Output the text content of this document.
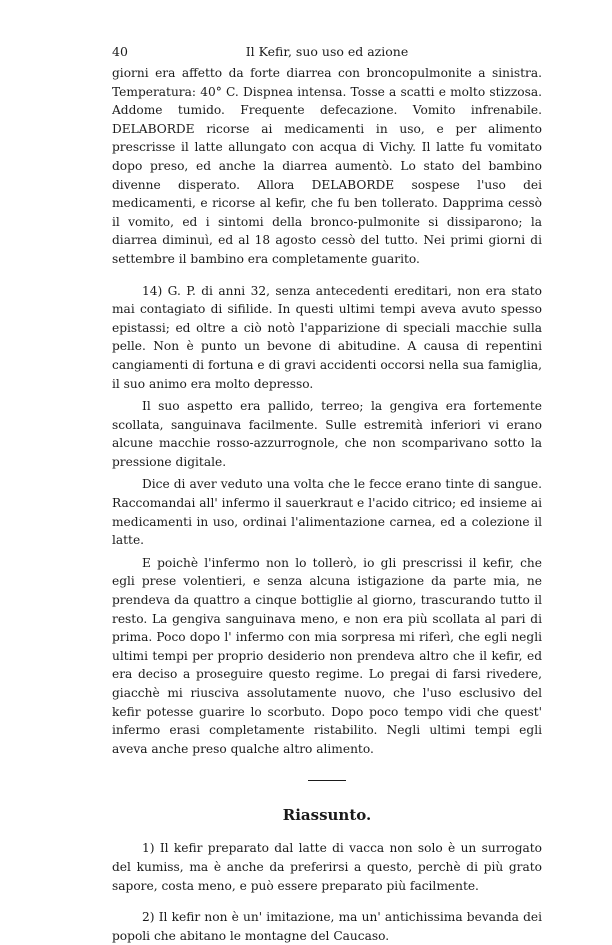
40	Il Kefir, suo uso ed azione

giorni era affetto da forte diarrea con broncopulmonite a sinistra. Temperatura: 40° C. Dispnea intensa. Tosse a scatti e molto stizzosa. Addome tumido. Frequente defecazione. Vomito infrenabile. DELABORDE ricorse ai medicamenti in uso, e per alimento prescrisse il latte allungato con acqua di Vichy. Il latte fu vomitato dopo preso, ed anche la diarrea aumentò. Lo stato del bambino divenne disperato. Allora DELABORDE sospese l'uso dei medicamenti, e ricorse al kefir, che fu ben tollerato. Dapprima cessò il vomito, ed i sintomi della bronco-pulmonite si dissiparono; la diarrea diminuì, ed al 18 agosto cessò del tutto. Nei primi giorni di settembre il bambino era completamente guarito.

14) G. P. di anni 32, senza antecedenti ereditari, non era stato mai contagiato di sifilide. In questi ultimi tempi aveva avuto spesso epistassi; ed oltre a ciò notò l'apparizione di speciali macchie sulla pelle. Non è punto un bevone di abitudine. A causa di repentini cangiamenti di fortuna e di gravi accidenti occorsi nella sua famiglia, il suo animo era molto depresso.

Il suo aspetto era pallido, terreo; la gengiva era fortemente scollata, sanguinava facilmente. Sulle estremità inferiori vi erano alcune macchie rosso-azzurrognole, che non scomparivano sotto la pressione digitale.

Dice di aver veduto una volta che le fecce erano tinte di sangue. Raccomandai all' infermo il sauerkraut e l'acido citrico; ed insieme ai medicamenti in uso, ordinai l'alimentazione carnea, ed a colezione il latte.

E poichè l'infermo non lo tollerò, io gli prescrissi il kefir, che egli prese volentieri, e senza alcuna istigazione da parte mia, ne prendeva da quattro a cinque bottiglie al giorno, trascurando tutto il resto. La gengiva sanguinava meno, e non era più scollata al pari di prima. Poco dopo l' infermo con mia sorpresa mi riferì, che egli negli ultimi tempi per proprio desiderio non prendeva altro che il kefir, ed era deciso a proseguire questo regime. Lo pregai di farsi rivedere, giacchè mi riusciva assolutamente nuovo, che l'uso esclusivo del kefir potesse guarire lo scorbuto. Dopo poco tempo vidi che quest' infermo erasi completamente ristabilito. Negli ultimi tempi egli aveva anche preso qualche altro alimento.

Riassunto.

1) Il kefir preparato dal latte di vacca non solo è un surrogato del kumiss, ma è anche da preferirsi a questo, perchè di più grato sapore, costa meno, e può essere preparato più facilmente.

2) Il kefir non è un' imitazione, ma un' antichissima bevanda dei popoli che abitano le montagne del Caucaso.
